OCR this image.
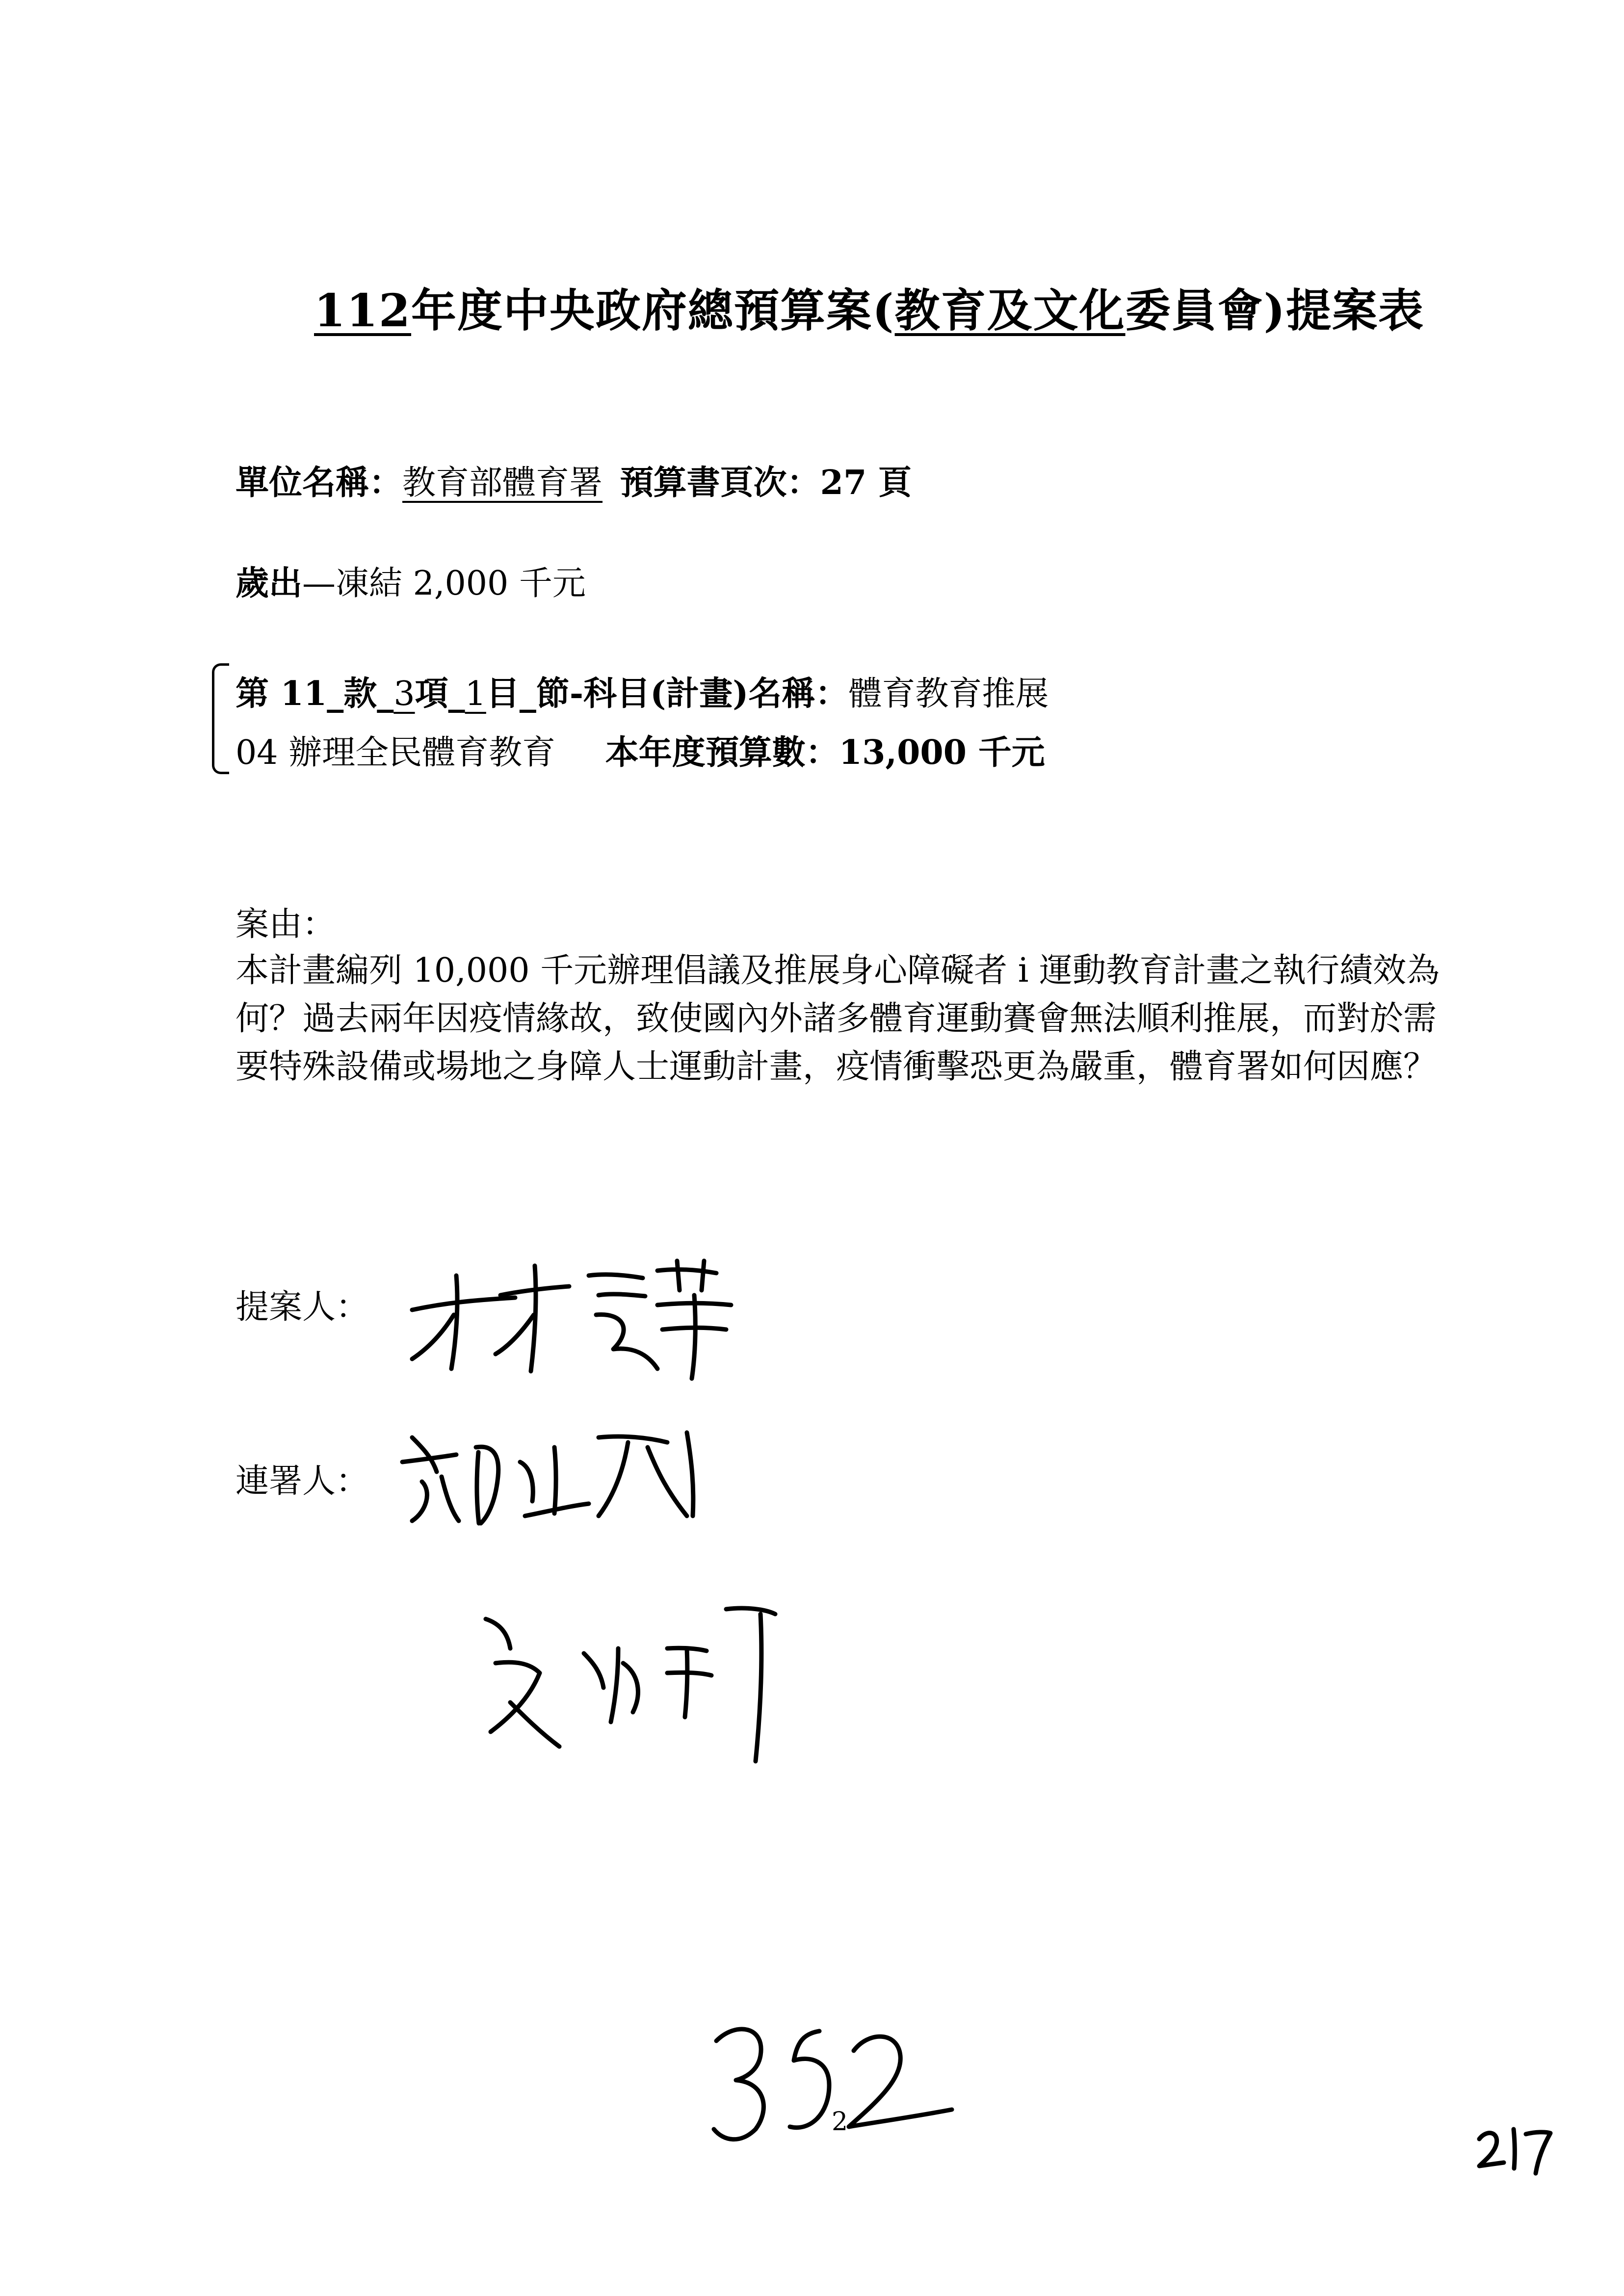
112年度中央政府總預算案(教育及文化委員會)提案表
單位名稱：教育部體育署 預算書頁次：27 頁
歲出—凍結 2,000 千元
第 11_款_3項_1目_節-科目(計畫)名稱：體育教育推展
04 辦理全民體育教育 本年度預算數：13,000 千元
案由：
本計畫編列 10,000 千元辦理倡議及推展身心障礙者 i 運動教育計畫之執行績效為何？過去兩年因疫情緣故，致使國內外諸多體育運動賽會無法順利推展，而對於需要特殊設備或場地之身障人士運動計畫，疫情衝擊恐更為嚴重，體育署如何因應？
提案人：
連署人：
2
